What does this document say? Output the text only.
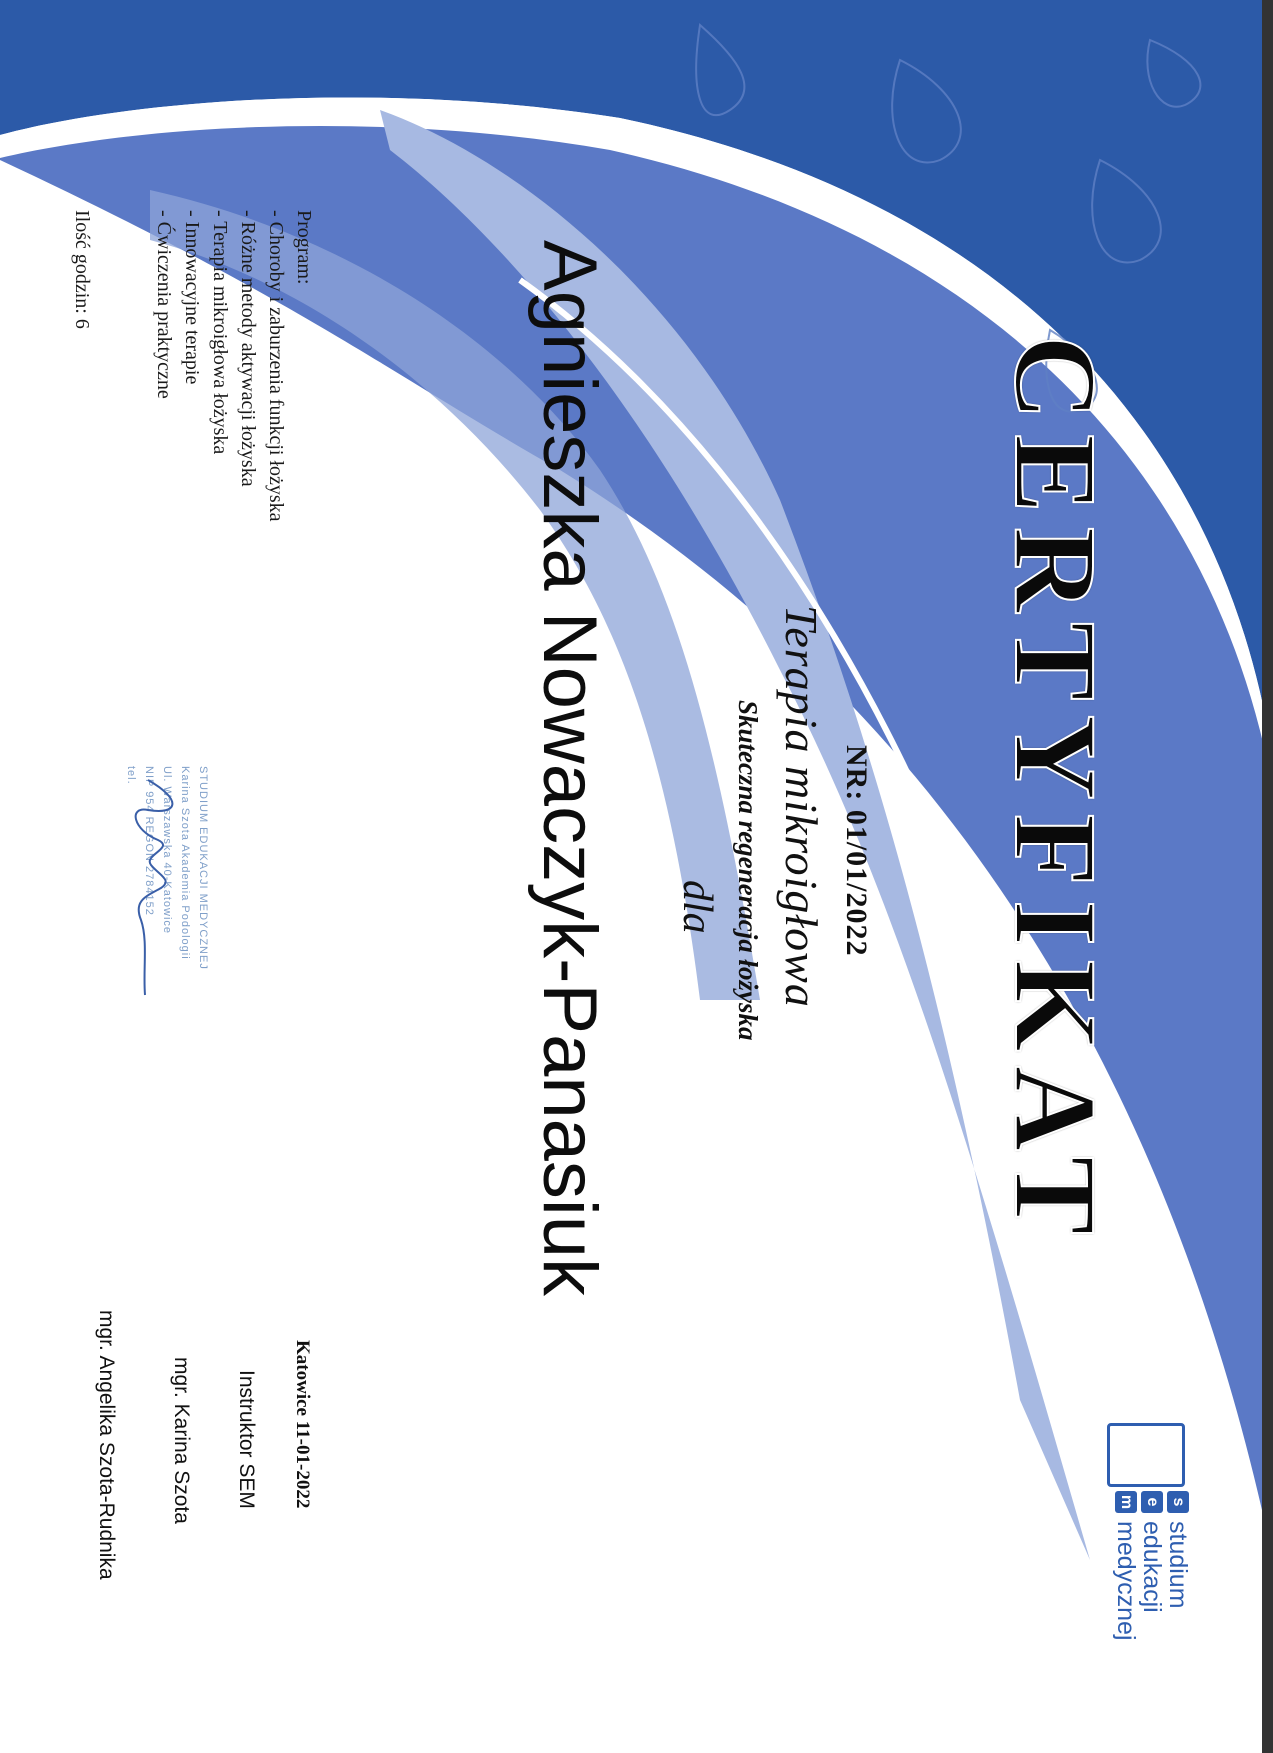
s
e
m
studium
edukacji
medycznej
CERTYFIKAT
NR: 01/01/2022
Terapia mikroigłowa
Skuteczna regeneracja łożyska
dla
Agnieszka Nowaczyk-Panasiuk
Program:
- Choroby i zaburzenia funkcji łożyska
- Różne metody aktywacji łożyska
- Terapia mikroigłowa łożyska
- Innowacyjne terapie
- Ćwiczenia praktyczne
Ilość godzin: 6
STUDIUM EDUKACJI MEDYCZNEJ
Karina Szota Akademia Podologii
Ul. Warszawska 40-Katowice
NIP 954 REGON 2784152
tel.
Katowice 11-01-2022
Instruktor SEM
mgr. Karina Szota
mgr. Angelika Szota-Rudnika
